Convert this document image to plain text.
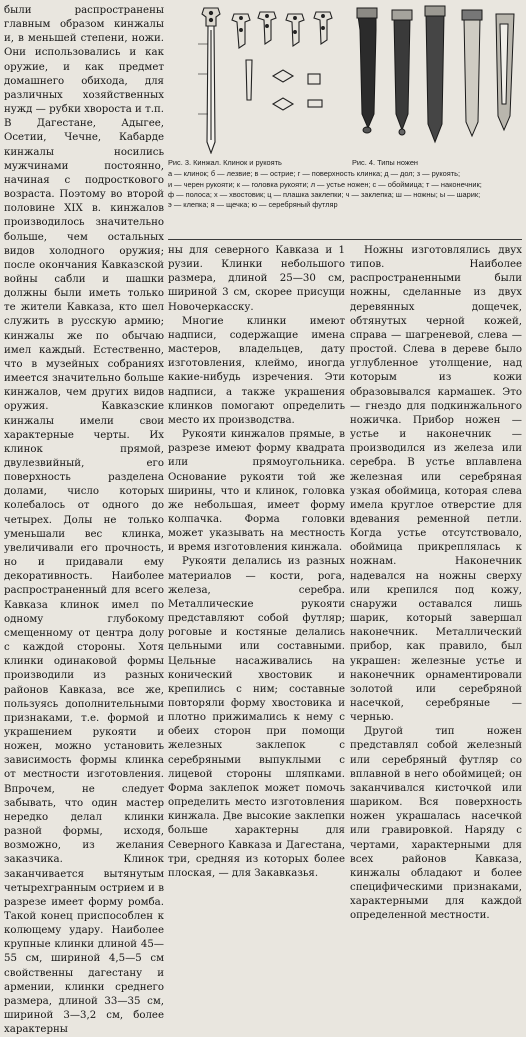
были распространены главным образом кинжалы и, в меньшей степени, ножи. Они использовались и как оружие, и как предмет домашнего обихода, для различных хозяйственных нужд — рубки хвороста и т.п. В Дагестане, Адыгее, Осетии, Чечне, Кабарде кинжалы носились мужчинами постоянно, начиная с подросткового возраста. Поэтому во второй половине XIX в. кинжалов производилось значительно больше, чем остальных видов холодного оружия; после окончания Кавказской войны сабли и шашки должны были иметь только те жители Кавказа, кто шел служить в русскую армию; кинжалы же по обычаю имел каждый. Естественно, что в музейных собраниях имеется значительно больше кинжалов, чем других видов оружия. Кавказские кинжалы имели свои характерные черты. Их клинок прямой, двулезвийный, его поверхность разделена долами, число которых колебалось от одного до четырех. Долы не только уменьшали вес клинка, увеличивали его прочность, но и придавали ему декоративность. Наиболее распространенный для всего Кавказа клинок имел по одному глубокому смещенному от центра долу с каждой стороны. Хотя клинки одинаковой формы производили из разных районов Кавказа, все же, пользуясь дополнительными признаками, т.е. формой и украшением рукояти и ножен, можно установить зависимость формы клинка от местности изготовления. Впрочем, не следует забывать, что один мастер нередко делал клинки разной формы, исходя, возможно, из желания заказчика. Клинок заканчивается вытянутым четырехгранным острием и в разрезе имеет форму ромба. Такой конец приспособлен к колющему удару. Наиболее крупные клинки длиной 45—55 см, шириной 4,5—5 см свойственны дагестану и армении, клинки среднего размера, длиной 33—35 см, шириной 3—3,2 см, более характерны

Рис. 3. Кинжал. Клинок и рукоять	Рис. 4. Типы ножен
а — клинок; б — лезвие; в — острие; г — поверхность клинка; д — дол; з — рукоять;
и — черен рукояти; к — головка рукояти; л — устье ножен; с — обоймица; т — наконечник;
ф — полоса; х — хвостовик; ц — плашка заклепки; ч — заклепка; ш — ножны; ы — шарик;
э — клепка; я — щечка; ю — серебряный футляр

ны для северного Кавказа и 1 рузии. Клинки небольшого размера, длиной 25—30 см, шириной 3 см, скорее присущи Новочеркасску.

Многие клинки имеют надписи, содержащие имена мастеров, владельцев, дату изготовления, клеймо, иногда какие-нибудь изречения. Эти надписи, а также украшения клинков помогают определить место их производства.

Рукояти кинжалов прямые, в разрезе имеют форму квадрата или прямоугольника. Основание рукояти той же ширины, что и клинок, головка же небольшая, имеет форму колпачка. Форма головки может указывать на местность и время изготовления кинжала.

Рукояти делались из разных материалов — кости, рога, железа, серебра. Металлические рукояти представляют собой футляр; роговые и костяные делались цельными или составными. Цельные насаживались на конический хвостовик и крепились с ним; составные повторяли форму хвостовика и плотно прижимались к нему с обеих сторон при помощи железных заклепок с серебряными выпуклыми с лицевой стороны шляпками. Форма заклепок может помочь определить место изготовления кинжала. Две высокие заклепки больше характерны для Северного Кавказа и Дагестана, три, средняя из которых более плоская, — для Закавказья.

Ножны изготовлялись двух типов. Наиболее распространенными были ножны, сделанные из двух деревянных дощечек, обтянутых черной кожей, справа — шагреневой, слева — простой. Слева в дереве было углубленное утолщение, над которым из кожи образовывался кармашек. Это — гнездо для подкинжального ножичка. Прибор ножен — устье и наконечник — производился из железа или серебра. В устье вплавлена железная или серебряная узкая обоймица, которая слева имела круглое отверстие для вдевания ременной петли. Когда устье отсутствовало, обоймица прикреплялась к ножнам. Наконечник надевался на ножны сверху или крепился под кожу, снаружи оставался лишь шарик, который завершал наконечник. Металлический прибор, как правило, был украшен: железные устье и наконечник орнаментировали золотой или серебряной насечкой, серебряные — чернью.

Другой тип ножен представлял собой железный или серебряный футляр со вплавной в него обоймицей; он заканчивался кисточкой или шариком. Вся поверхность ножен украшалась насечкой или гравировкой. Наряду с чертами, характерными для всех районов Кавказа, кинжалы обладают и более специфическими признаками, характерными для каждой определенной местности.
